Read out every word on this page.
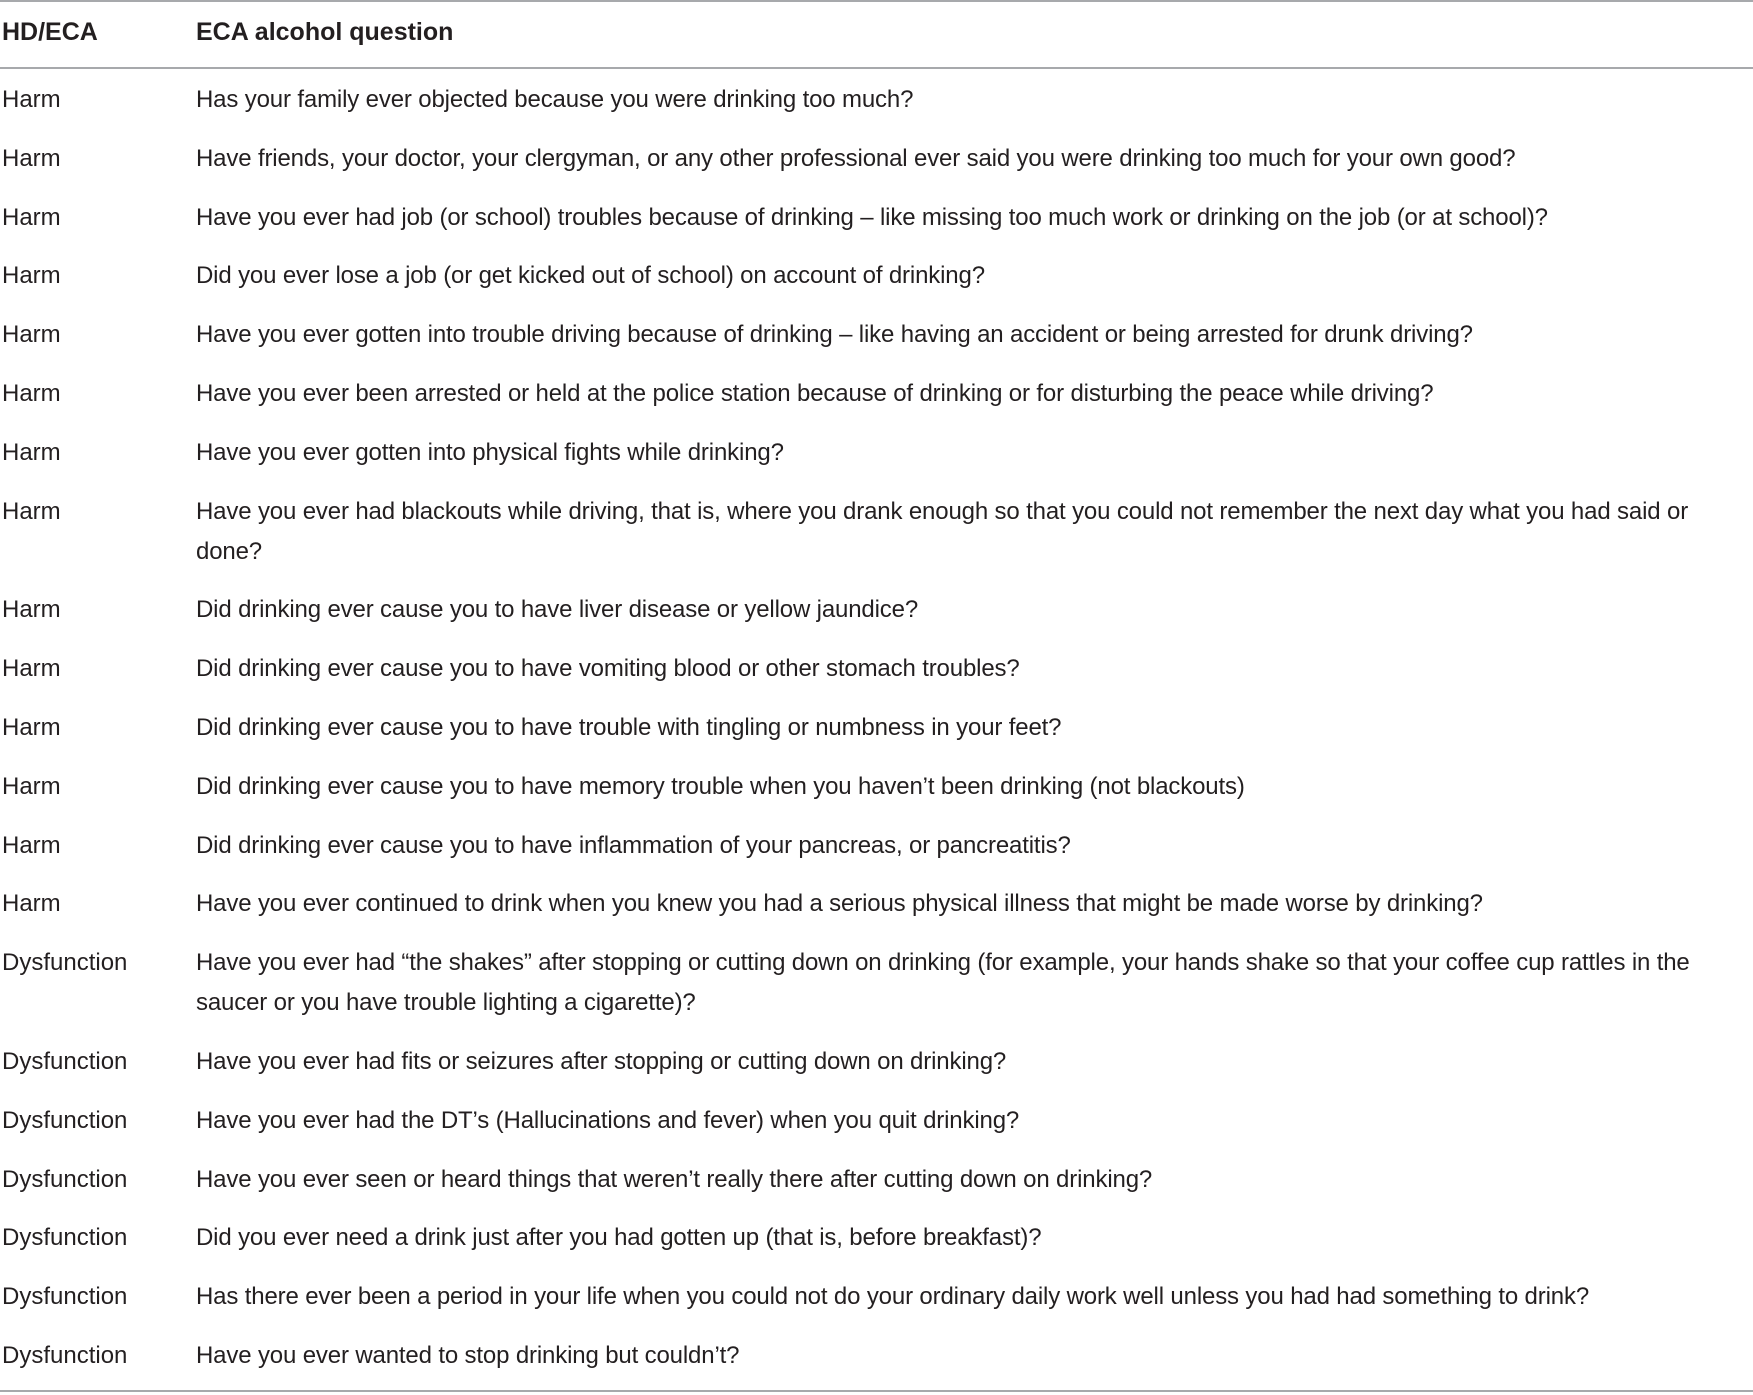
HD/ECA	ECA alcohol question
Harm	Has your family ever objected because you were drinking too much?
Harm	Have friends, your doctor, your clergyman, or any other professional ever said you were drinking too much for your own good?
Harm	Have you ever had job (or school) troubles because of drinking – like missing too much work or drinking on the job (or at school)?
Harm	Did you ever lose a job (or get kicked out of school) on account of drinking?
Harm	Have you ever gotten into trouble driving because of drinking – like having an accident or being arrested for drunk driving?
Harm	Have you ever been arrested or held at the police station because of drinking or for disturbing the peace while driving?
Harm	Have you ever gotten into physical fights while drinking?
Harm	Have you ever had blackouts while driving, that is, where you drank enough so that you could not remember the next day what you had said or done?
Harm	Did drinking ever cause you to have liver disease or yellow jaundice?
Harm	Did drinking ever cause you to have vomiting blood or other stomach troubles?
Harm	Did drinking ever cause you to have trouble with tingling or numbness in your feet?
Harm	Did drinking ever cause you to have memory trouble when you haven’t been drinking (not blackouts)
Harm	Did drinking ever cause you to have inflammation of your pancreas, or pancreatitis?
Harm	Have you ever continued to drink when you knew you had a serious physical illness that might be made worse by drinking?
Dysfunction	Have you ever had “the shakes” after stopping or cutting down on drinking (for example, your hands shake so that your coffee cup rattles in the saucer or you have trouble lighting a cigarette)?
Dysfunction	Have you ever had fits or seizures after stopping or cutting down on drinking?
Dysfunction	Have you ever had the DT’s (Hallucinations and fever) when you quit drinking?
Dysfunction	Have you ever seen or heard things that weren’t really there after cutting down on drinking?
Dysfunction	Did you ever need a drink just after you had gotten up (that is, before breakfast)?
Dysfunction	Has there ever been a period in your life when you could not do your ordinary daily work well unless you had had something to drink?
Dysfunction	Have you ever wanted to stop drinking but couldn’t?
